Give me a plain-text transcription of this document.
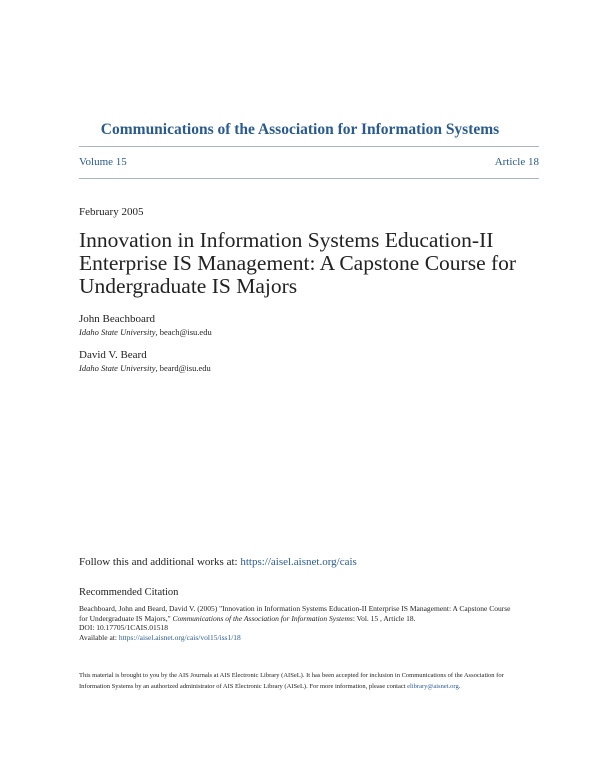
Communications of the Association for Information Systems
Volume 15	Article 18
February 2005
Innovation in Information Systems Education-II Enterprise IS Management: A Capstone Course for Undergraduate IS Majors
John Beachboard
Idaho State University, beach@isu.edu
David V. Beard
Idaho State University, beard@isu.edu
Follow this and additional works at: https://aisel.aisnet.org/cais
Recommended Citation
Beachboard, John and Beard, David V. (2005) "Innovation in Information Systems Education-II Enterprise IS Management: A Capstone Course for Undergraduate IS Majors," Communications of the Association for Information Systems: Vol. 15 , Article 18.
DOI: 10.17705/1CAIS.01518
Available at: https://aisel.aisnet.org/cais/vol15/iss1/18
This material is brought to you by the AIS Journals at AIS Electronic Library (AISeL). It has been accepted for inclusion in Communications of the Association for Information Systems by an authorized administrator of AIS Electronic Library (AISeL). For more information, please contact elibrary@aisnet.org.
